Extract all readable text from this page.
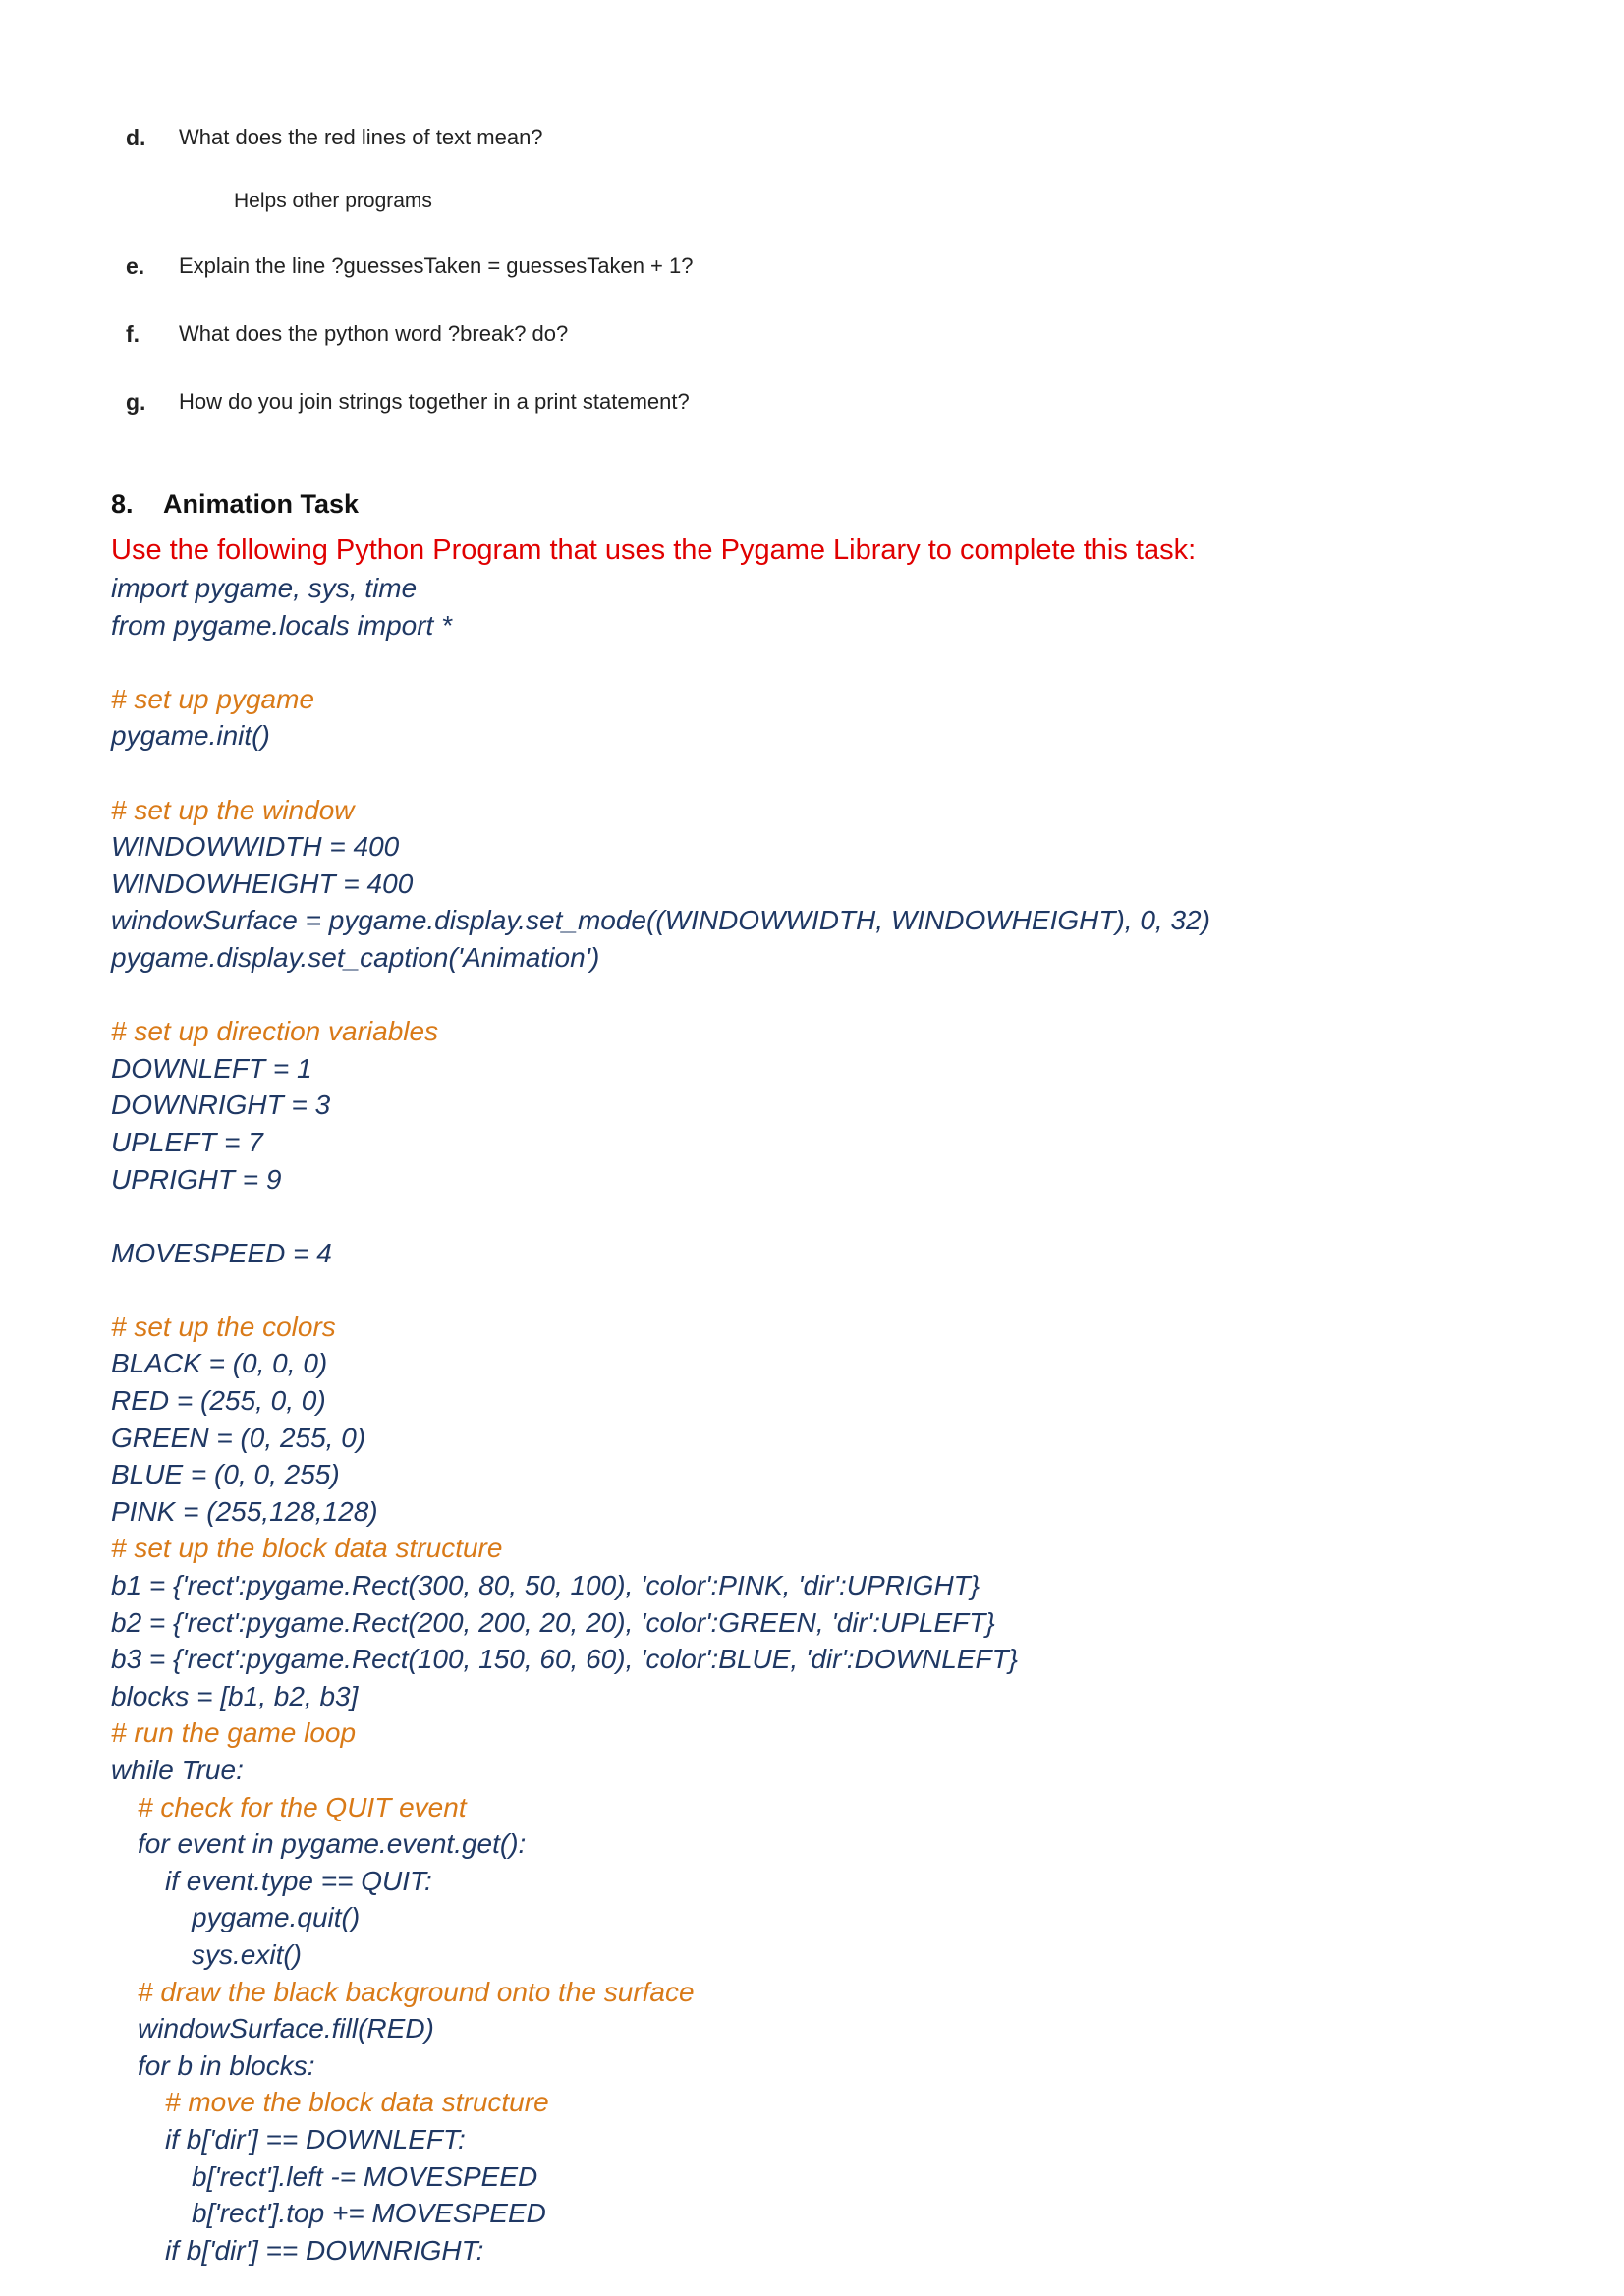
d. What does the red lines of text mean?
Helps other programs
e. Explain the line ?guessesTaken = guessesTaken + 1?
f. What does the python word ?break? do?
g. How do you join strings together in a print statement?
8. Animation Task
Use the following Python Program that uses the Pygame Library to complete this task:
import pygame, sys, time
from pygame.locals import *
# set up pygame
pygame.init()
# set up the window
WINDOWWIDTH = 400
WINDOWHEIGHT = 400
windowSurface = pygame.display.set_mode((WINDOWWIDTH, WINDOWHEIGHT), 0, 32)
pygame.display.set_caption('Animation')
# set up direction variables
DOWNLEFT = 1
DOWNRIGHT = 3
UPLEFT = 7
UPRIGHT = 9
MOVESPEED = 4
# set up the colors
BLACK = (0, 0, 0)
RED = (255, 0, 0)
GREEN = (0, 255, 0)
BLUE = (0, 0, 255)
PINK = (255,128,128)
# set up the block data structure
b1 = {'rect':pygame.Rect(300, 80, 50, 100), 'color':PINK, 'dir':UPRIGHT}
b2 = {'rect':pygame.Rect(200, 200, 20, 20), 'color':GREEN, 'dir':UPLEFT}
b3 = {'rect':pygame.Rect(100, 150, 60, 60), 'color':BLUE, 'dir':DOWNLEFT}
blocks = [b1, b2, b3]
# run the game loop
while True:
# check for the QUIT event
for event in pygame.event.get():
if event.type == QUIT:
pygame.quit()
sys.exit()
# draw the black background onto the surface
windowSurface.fill(RED)
for b in blocks:
# move the block data structure
if b['dir'] == DOWNLEFT:
b['rect'].left -= MOVESPEED
b['rect'].top += MOVESPEED
if b['dir'] == DOWNRIGHT:
